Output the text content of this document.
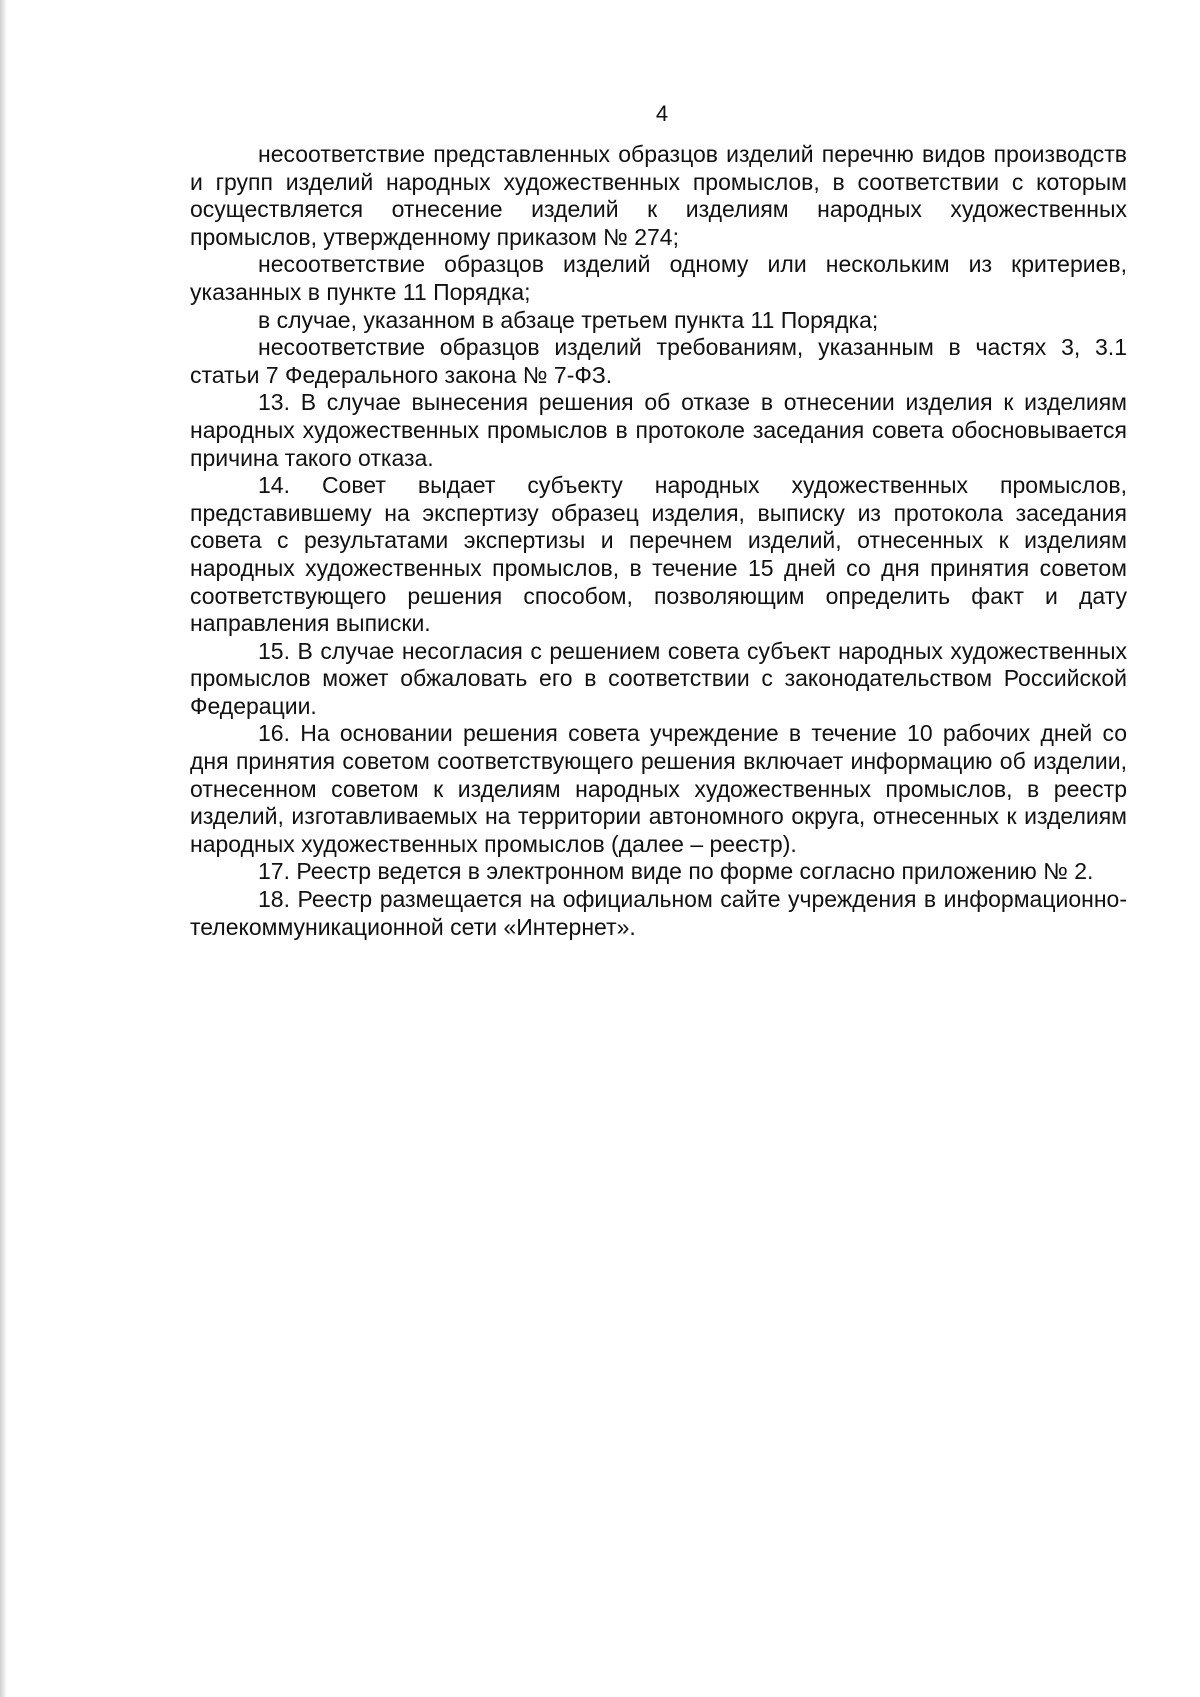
4

несоответствие представленных образцов изделий перечню видов производств и групп изделий народных художественных промыслов, в соответствии с которым осуществляется отнесение изделий к изделиям народных художественных промыслов, утвержденному приказом № 274;

несоответствие образцов изделий одному или нескольким из критериев, указанных в пункте 11 Порядка;

в случае, указанном в абзаце третьем пункта 11 Порядка;

несоответствие образцов изделий требованиям, указанным в частях 3, 3.1 статьи 7 Федерального закона № 7-ФЗ.

13. В случае вынесения решения об отказе в отнесении изделия к изделиям народных художественных промыслов в протоколе заседания совета обосновывается причина такого отказа.

14. Совет выдает субъекту народных художественных промыслов, представившему на экспертизу образец изделия, выписку из протокола заседания совета с результатами экспертизы и перечнем изделий, отнесенных к изделиям народных художественных промыслов, в течение 15 дней со дня принятия советом соответствующего решения способом, позволяющим определить факт и дату направления выписки.

15. В случае несогласия с решением совета субъект народных художественных промыслов может обжаловать его в соответствии с законодательством Российской Федерации.

16. На основании решения совета учреждение в течение 10 рабочих дней со дня принятия советом соответствующего решения включает информацию об изделии, отнесенном советом к изделиям народных художественных промыслов, в реестр изделий, изготавливаемых на территории автономного округа, отнесенных к изделиям народных художественных промыслов (далее – реестр).

17. Реестр ведется в электронном виде по форме согласно приложению № 2.

18. Реестр размещается на официальном сайте учреждения в информационно-телекоммуникационной сети «Интернет».
